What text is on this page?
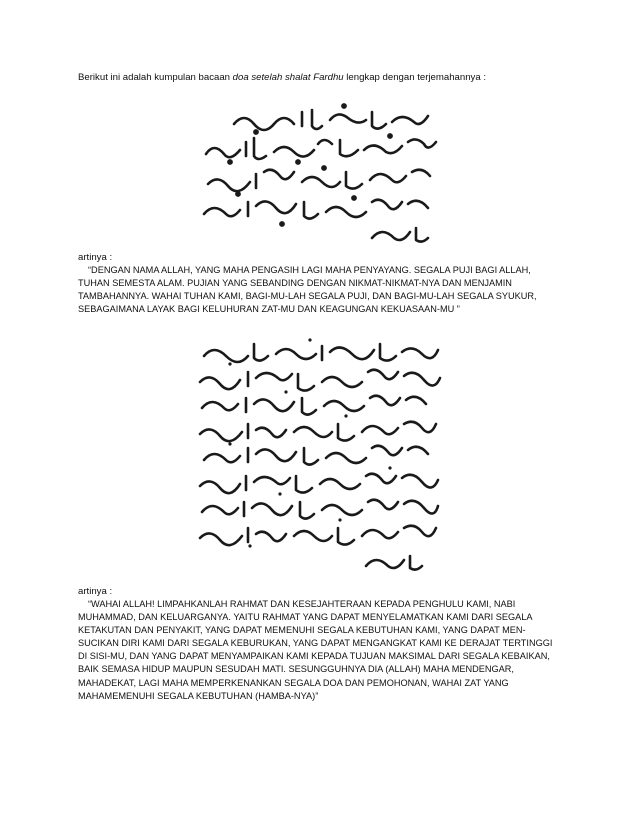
Berikut ini adalah kumpulan bacaan doa setelah shalat Fardhu lengkap dengan terjemahannya :
artinya :

“DENGAN NAMA ALLAH, YANG MAHA PENGASIH LAGI MAHA PENYAYANG. SEGALA PUJI BAGI ALLAH, TUHAN SEMESTA ALAM. PUJIAN YANG SEBANDING DENGAN NIKMAT-NIKMAT-NYA DAN MENJAMIN TAMBAHANNYA. WAHAI TUHAN KAMI, BAGI-MU-LAH SEGALA PUJI, DAN BAGI-MU-LAH SEGALA SYUKUR, SEBAGAIMANA LAYAK BAGI KELUHURAN ZAT-MU DAN KEAGUNGAN KEKUASAAN-MU ”

artinya :

“WAHAI ALLAH! LIMPAHKANLAH RAHMAT DAN KESEJAHTERAAN KEPADA PENGHULU KAMI, NABI MUHAMMAD, DAN KELUARGANYA. YAITU RAHMAT YANG DAPAT MENYELAMATKAN KAMI DARI SEGALA KETAKUTAN DAN PENYAKIT, YANG DAPAT MEMENUHI SEGALA KEBUTUHAN KAMI, YANG DAPAT MEN-SUCIKAN DIRI KAMI DARI SEGALA KEBURUKAN, YANG DAPAT MENGANGKAT KAMI KE DERAJAT TERTINGGI DI SISI-MU, DAN YANG DAPAT MENYAMPAIKAN KAMI KEPADA TUJUAN MAKSIMAL DARI SEGALA KEBAIKAN, BAIK SEMASA HIDUP MAUPUN SESUDAH MATI. SESUNGGUHNYA DIA (ALLAH) MAHA MENDENGAR, MAHADEKAT, LAGI MAHA MEMPERKENANKAN SEGALA DOA DAN PEMOHONAN, WAHAI ZAT YANG MAHAMEMENUHI SEGALA KEBUTUHAN (HAMBA-NYA)”
